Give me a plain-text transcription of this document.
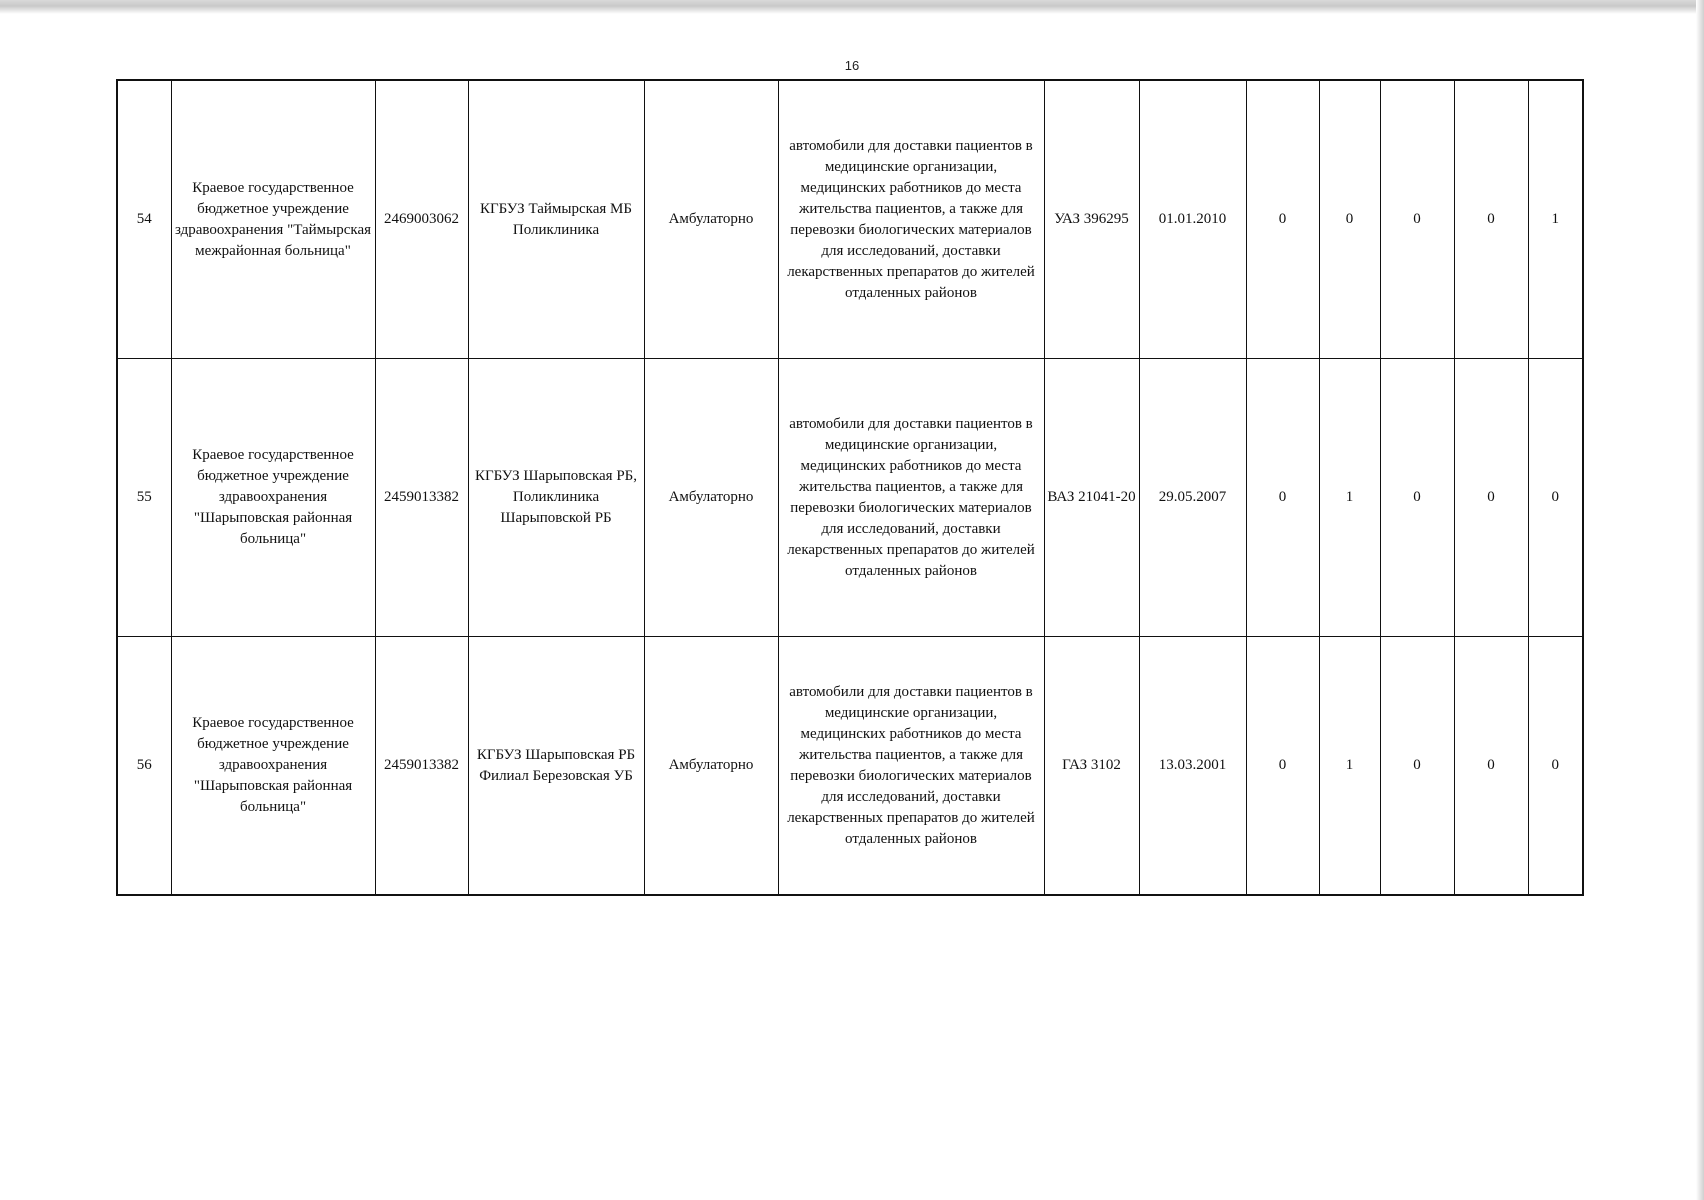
16
54	Краевое государственное бюджетное учреждение здравоохранения "Таймырская межрайонная больница"	2469003062	КГБУЗ Таймырская МБ Поликлиника	Амбулаторно	автомобили для доставки пациентов в медицинские организации, медицинских работников до места жительства пациентов, а также для перевозки биологических материалов для исследований, доставки лекарственных препаратов до жителей отдаленных районов	УАЗ 396295	01.01.2010	0	0	0	0	1
55	Краевое государственное бюджетное учреждение здравоохранения "Шарыповская районная больница"	2459013382	КГБУЗ Шарыповская РБ, Поликлиника Шарыповской РБ	Амбулаторно	автомобили для доставки пациентов в медицинские организации, медицинских работников до места жительства пациентов, а также для перевозки биологических материалов для исследований, доставки лекарственных препаратов до жителей отдаленных районов	ВАЗ 21041-20	29.05.2007	0	1	0	0	0
56	Краевое государственное бюджетное учреждение здравоохранения "Шарыповская районная больница"	2459013382	КГБУЗ Шарыповская РБ Филиал Березовская УБ	Амбулаторно	автомобили для доставки пациентов в медицинские организации, медицинских работников до места жительства пациентов, а также для перевозки биологических материалов для исследований, доставки лекарственных препаратов до жителей отдаленных районов	ГАЗ 3102	13.03.2001	0	1	0	0	0
